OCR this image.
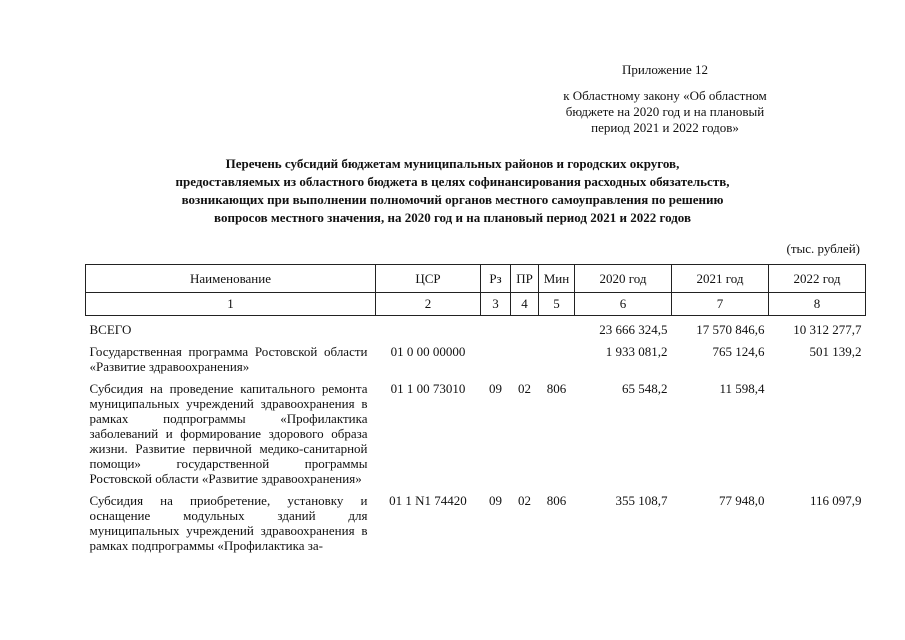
Приложение 12
к Областному закону «Об областном
бюджете на 2020 год и на плановый
период 2021 и 2022 годов»
Перечень субсидий бюджетам муниципальных районов и городских округов,
предоставляемых из областного бюджета в целях софинансирования расходных обязательств,
возникающих при выполнении полномочий органов местного самоуправления по решению
вопросов местного значения, на 2020 год и на плановый период 2021 и 2022 годов
(тыс. рублей)
Наименование	ЦСР	Рз	ПР	Мин	2020 год	2021 год	2022 год
1	2	3	4	5	6	7	8
ВСЕГО					23 666 324,5	17 570 846,6	10 312 277,7
Государственная программа Ростовской области «Развитие здравоохранения»	01 0 00 00000				1 933 081,2	765 124,6	501 139,2
Субсидия на проведение капитального ремонта муниципальных учреждений здравоохранения в рамках подпрограммы «Профилактика заболеваний и формирование здорового образа жизни. Развитие первичной медико-санитарной помощи» государственной программы Ростовской области «Развитие здравоохранения»	01 1 00 73010	09	02	806	65 548,2	11 598,4	
Субсидия на приобретение, установку и оснащение модульных зданий для муниципальных учреждений здравоохранения в рамках подпрограммы «Профилактика за-	01 1 N1 74420	09	02	806	355 108,7	77 948,0	116 097,9
